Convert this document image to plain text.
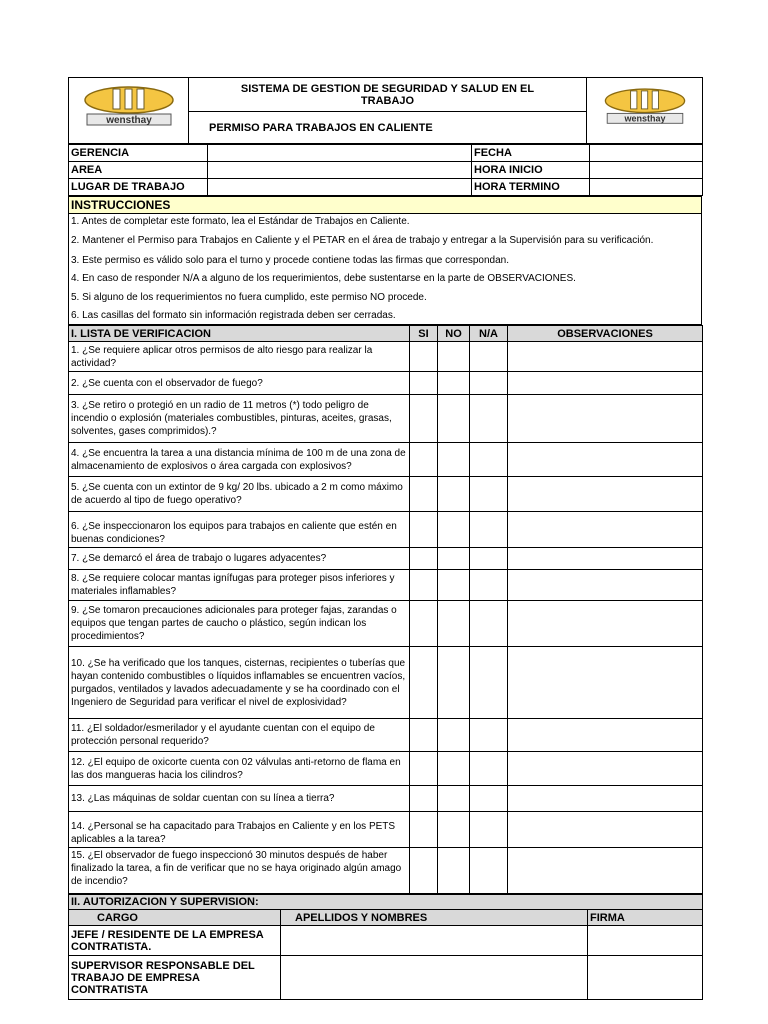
wensthay

SISTEMA DE GESTION DE SEGURIDAD Y SALUD EN EL
TRABAJO

wensthay

PERMISO PARA TRABAJOS EN CALIENTE
GERENCIA		FECHA	
AREA		HORA INICIO	
LUGAR DE TRABAJO		HORA TERMINO	
INSTRUCCIONES

1. Antes de completar este formato, lea el Estándar de Trabajos en Caliente.
2. Mantener el Permiso para Trabajos en Caliente y el PETAR en el área de trabajo y entregar a la Supervisión para su verificación.
3. Este permiso es válido solo para el turno y procede contiene todas las firmas que correspondan.
4. En caso de responder N/A a alguno de los requerimientos, debe sustentarse en la parte de OBSERVACIONES.
5. Si alguno de los requerimientos no fuera cumplido, este permiso NO procede.
6. Las casillas del formato sin información registrada deben ser cerradas.
I. LISTA DE VERIFICACION	SI	NO	N/A	OBSERVACIONES
1. ¿Se requiere aplicar otros permisos de alto riesgo para realizar la actividad?				
2. ¿Se cuenta con el observador de fuego?				
3. ¿Se retiro o protegió en un radio de 11 metros (*) todo peligro de incendio o explosión (materiales combustibles, pinturas, aceites, grasas, solventes, gases comprimidos).?				
4. ¿Se encuentra la tarea a una distancia mínima de 100 m de una zona de almacenamiento de explosivos o área cargada con explosivos?				
5. ¿Se cuenta con un extintor de 9 kg/ 20 lbs. ubicado a 2 m como máximo de acuerdo al tipo de fuego operativo?				
6. ¿Se inspeccionaron los equipos para trabajos en caliente que estén en buenas condiciones?				
7. ¿Se demarcó el área de trabajo o lugares adyacentes?				
8. ¿Se requiere colocar mantas ignífugas para proteger pisos inferiores y materiales inflamables?				
9. ¿Se tomaron precauciones adicionales para proteger fajas, zarandas o equipos que tengan partes de caucho o plástico, según indican los procedimientos?				
10. ¿Se ha verificado que los tanques, cisternas, recipientes o tuberías que hayan contenido combustibles o líquidos inflamables se encuentren vacíos, purgados, ventilados y lavados adecuadamente y se ha coordinado con el Ingeniero de Seguridad para verificar el nivel de explosividad?				
11. ¿El soldador/esmerilador y el ayudante cuentan con el equipo de protección personal requerido?				
12. ¿El equipo de oxicorte cuenta con 02 válvulas anti-retorno de flama en las dos mangueras hacia los cilindros?				
13. ¿Las máquinas de soldar cuentan con su línea a tierra?				
14. ¿Personal se ha capacitado para Trabajos en Caliente y en los PETS aplicables a la tarea?				
15. ¿El observador de fuego inspeccionó 30 minutos después de haber finalizado la tarea, a fin de verificar que no se haya originado algún amago de incendio?				
II. AUTORIZACION Y SUPERVISION:		
CARGO	APELLIDOS Y NOMBRES	FIRMA
JEFE / RESIDENTE DE LA EMPRESA CONTRATISTA.		
SUPERVISOR RESPONSABLE DEL TRABAJO DE EMPRESA CONTRATISTA		
